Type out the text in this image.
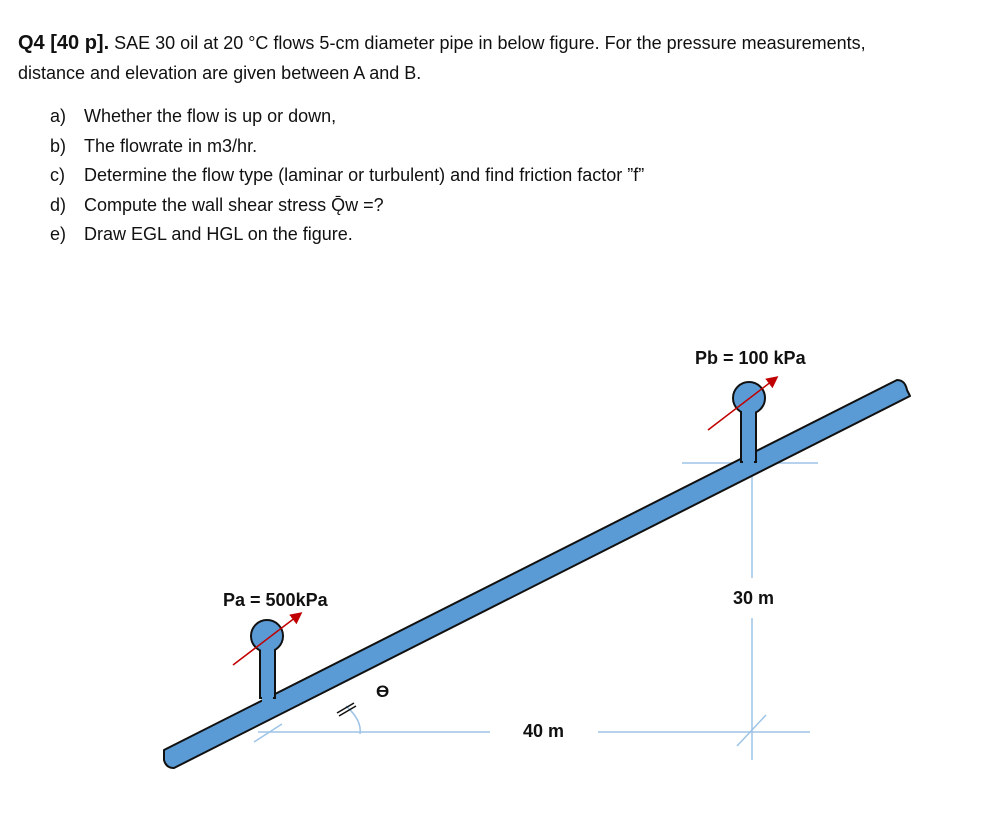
Q4 [40 p]. SAE 30 oil at 20 °C flows 5-cm diameter pipe in below figure. For the pressure measurements,
distance and elevation are given between A and B.
a) Whether the flow is up or down,
b) The flowrate in m3/hr.
c)	Determine the flow type (laminar or turbulent) and find friction factor ”f”
d) Compute the wall shear stress Ǭw =?
e) Draw EGL and HGL on the figure.
Pb = 100 kPa
Pa = 500kPa	30 m
40 m
ϴ
